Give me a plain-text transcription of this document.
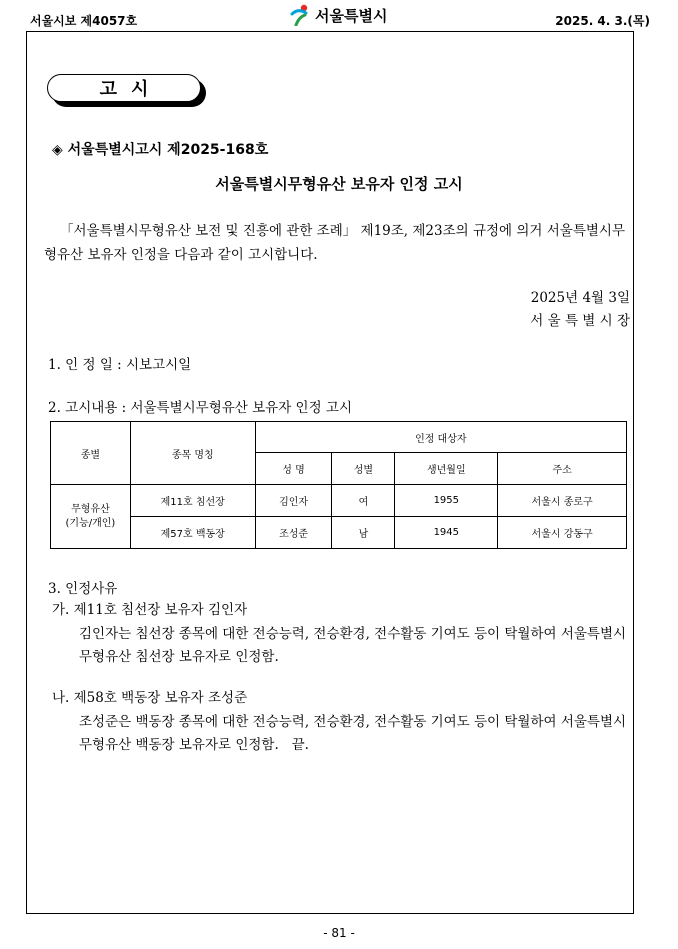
서울시보 제4057호	서울특별시	2025. 4. 3.(목)
고시
◈ 서울특별시고시 제2025-168호
서울특별시무형유산 보유자 인정 고시
「서울특별시무형유산 보전 및 진흥에 관한 조례」 제19조, 제23조의 규정에 의거 서울특별시무
형유산 보유자 인정을 다음과 같이 고시합니다.
2025년 4월 3일
서 울 특 별 시 장
1. 인 정 일 : 시보고시일
2. 고시내용 : 서울특별시무형유산 보유자 인정 고시
종별	종목 명칭	인정 대상자			
		성 명	성별	생년월일	주소

무형유산
(기능/개인)	제11호 침선장	김인자	여	1955	서울시 종로구
	제57호 백동장	조성준	남	1945	서울시 강동구
3. 인정사유
가. 제11호 침선장 보유자 김인자
김인자는 침선장 종목에 대한 전승능력, 전승환경, 전수활동 기여도 등이 탁월하여 서울특별시
무형유산 침선장 보유자로 인정함.
나. 제58호 백동장 보유자 조성준
조성준은 백동장 종목에 대한 전승능력, 전승환경, 전수활동 기여도 등이 탁월하여 서울특별시
무형유산 백동장 보유자로 인정함.   끝.
- 81 -
